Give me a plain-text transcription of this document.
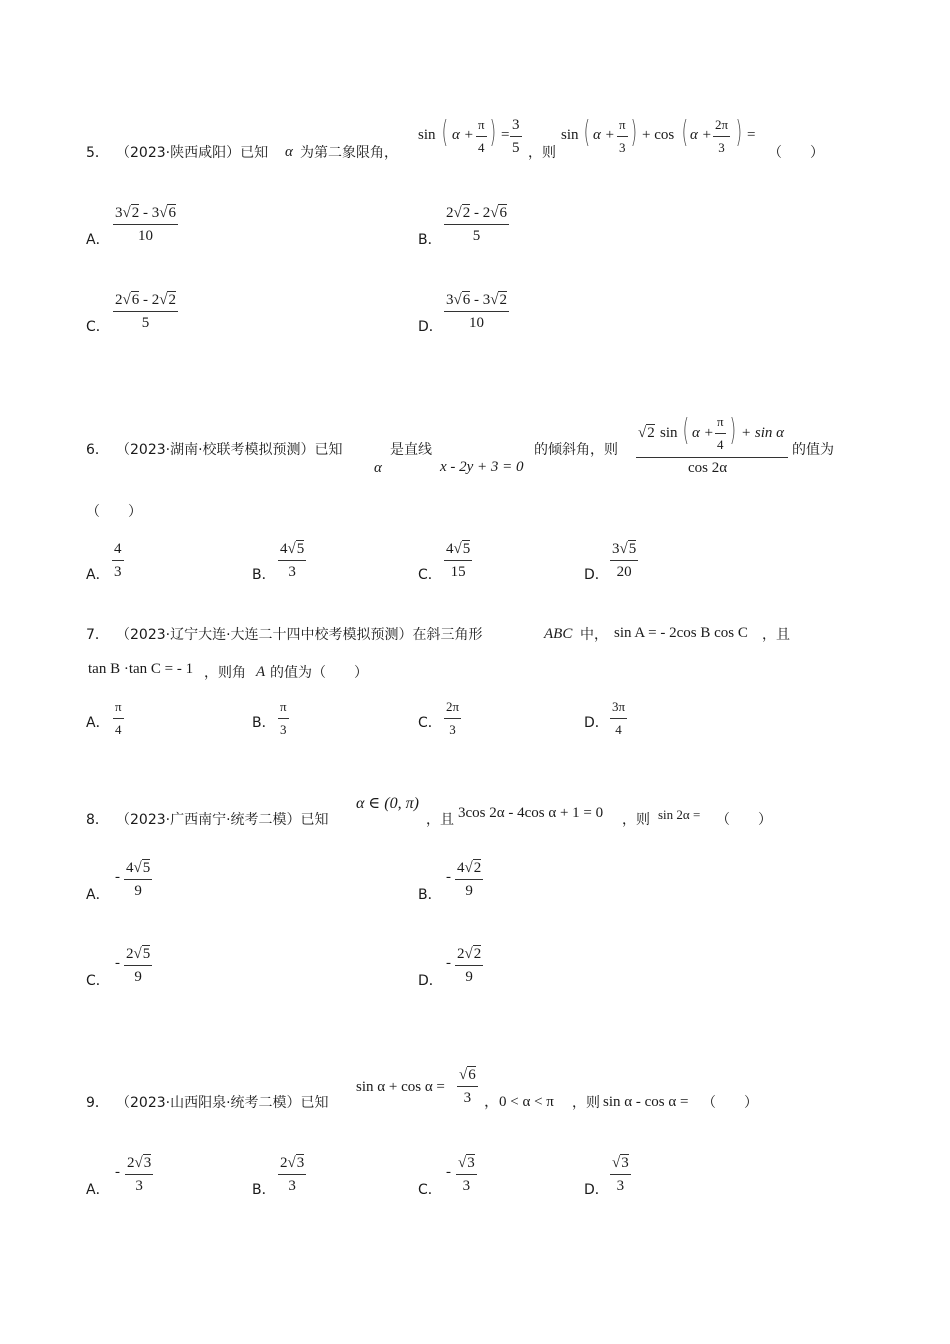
5． （2023·陕西咸阳）已知 α 为第二象限角，
sin ( $\alpha + \frac{\pi}{4}$ ) = $\frac{3}{5}$ ，则
sin ( $\alpha + \frac{\pi}{3}$ ) + cos ( $\alpha + \frac{2\pi}{3}$ ) =
（　　）
A． $\frac{3√2 - 3√6}{10}$	B． $\frac{2√2 - 2√6}{5}$
C． $\frac{2√6 - 2√2}{5}$	D． $\frac{3√6 - 3√2}{10}$
6． （2023·湖南·校联考模拟预测）已知
α
是直线
x - 2y + 3 = 0
的倾斜角，则
√2 sin ( $\alpha + \frac{\pi}{4}$ ) + sin α
cos 2α
的值为
（　　）
A． $\frac{4}{3}$	B． $\frac{4√5}{3}$	C． $\frac{4√5}{15}$	D． $\frac{3√5}{20}$
7． （2023·辽宁大连·大连二十四中校考模拟预测）在斜三角形	ABC 中， sin A = - 2cos B cos C ，且
tan B ·tan C = - 1 ，则角 A 的值为（　　）
A． $\frac{\pi}{4}$	B． $\frac{\pi}{3}$	C． $\frac{2\pi}{3}$	D． $\frac{3\pi}{4}$
8． （2023·广西南宁·统考二模）已知
α ∈ (0, π)
，且 3cos 2α - 4cos α + 1 = 0 ，则 sin 2α = （　　）
A．
- $\frac{4√5}{9}$	B．
- $\frac{4√2}{9}$
C．
- $\frac{2√5}{9}$	D．
- $\frac{2√2}{9}$
9． （2023·山西阳泉·统考二模）已知
$\sin \alpha + \cos \alpha = \frac{√6}{3}$ ，0 < α < π ，则 sin α - cos α = （　　）
A．
- $\frac{2√3}{3}$	B． $\frac{2√3}{3}$	C．
- $\frac{√3}{3}$	D． $\frac{√3}{3}$
